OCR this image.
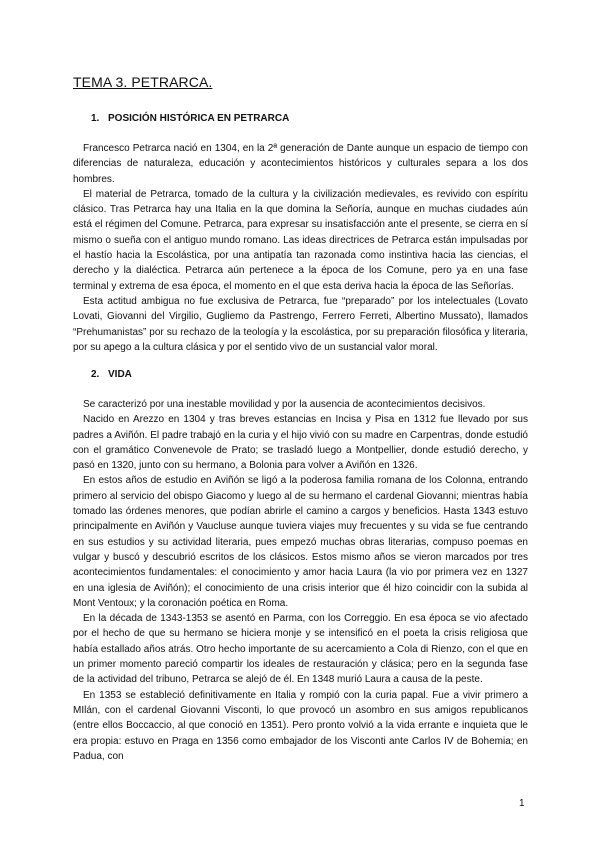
TEMA 3. PETRARCA.
1. POSICIÓN HISTÓRICA EN PETRARCA

Francesco Petrarca nació en 1304, en la 2ª generación de Dante aunque un espacio de tiempo con diferencias de naturaleza, educación y acontecimientos históricos y culturales separa a los dos hombres.

El material de Petrarca, tomado de la cultura y la civilización medievales, es revivido con espíritu clásico. Tras Petrarca hay una Italia en la que domina la Señoría, aunque en muchas ciudades aún está el régimen del Comune. Petrarca, para expresar su insatisfacción ante el presente, se cierra en sí mismo o sueña con el antiguo mundo romano. Las ideas directrices de Petrarca están impulsadas por el hastío hacia la Escolástica, por una antipatía tan razonada como instintiva hacia las ciencias, el derecho y la dialéctica. Petrarca aún pertenece a la época de los Comune, pero ya en una fase terminal y extrema de esa época, el momento en el que esta deriva hacia la época de las Señorías.

Esta actitud ambigua no fue exclusiva de Petrarca, fue “preparado” por los intelectuales (Lovato Lovati, Giovanni del Virgilio, Gugliemo da Pastrengo, Ferrero Ferreti, Albertino Mussato), llamados “Prehumanistas” por su rechazo de la teología y la escolástica, por su preparación filosófica y literaria, por su apego a la cultura clásica y por el sentido vivo de un sustancial valor moral.

2. VIDA

Se caracterizó por una inestable movilidad y por la ausencia de acontecimientos decisivos.

Nacido en Arezzo en 1304 y tras breves estancias en Incisa y Pisa en 1312 fue llevado por sus padres a Aviñón. El padre trabajó en la curia y el hijo vivió con su madre en Carpentras, donde estudió con el gramático Convenevole de Prato; se trasladó luego a Montpellier, donde estudió derecho, y pasó en 1320, junto con su hermano, a Bolonia para volver a Aviñón en 1326.

En estos años de estudio en Aviñón se ligó a la poderosa familia romana de los Colonna, entrando primero al servicio del obispo Giacomo y luego al de su hermano el cardenal Giovanni; mientras había tomado las órdenes menores, que podían abrirle el camino a cargos y beneficios. Hasta 1343 estuvo principalmente en Aviñón y Vaucluse aunque tuviera viajes muy frecuentes y su vida se fue centrando en sus estudios y su actividad literaria, pues empezó muchas obras literarias, compuso poemas en vulgar y buscó y descubrió escritos de los clásicos. Estos mismo años se vieron marcados por tres acontecimientos fundamentales: el conocimiento y amor hacia Laura (la vio por primera vez en 1327 en una iglesia de Aviñón); el conocimiento de una crisis interior que él hizo coincidir con la subida al Mont Ventoux; y la coronación poética en Roma.

En la década de 1343-1353 se asentó en Parma, con los Correggio. En esa época se vio afectado por el hecho de que su hermano se hiciera monje y se intensificó en el poeta la crisis religiosa que había estallado años atrás. Otro hecho importante de su acercamiento a Cola di Rienzo, con el que en un primer momento pareció compartir los ideales de restauración y clásica; pero en la segunda fase de la actividad del tribuno, Petrarca se alejó de él. En 1348 murió Laura a causa de la peste.

En 1353 se estableció definitivamente en Italia y rompió con la curia papal. Fue a vivir primero a MIlán, con el cardenal Giovanni Visconti, lo que provocó un asombro en sus amigos republicanos (entre ellos Boccaccio, al que conoció en 1351). Pero pronto volvió a la vida errante e inquieta que le era propia: estuvo en Praga en 1356 como embajador de los Visconti ante Carlos IV de Bohemia; en Padua, con

1
